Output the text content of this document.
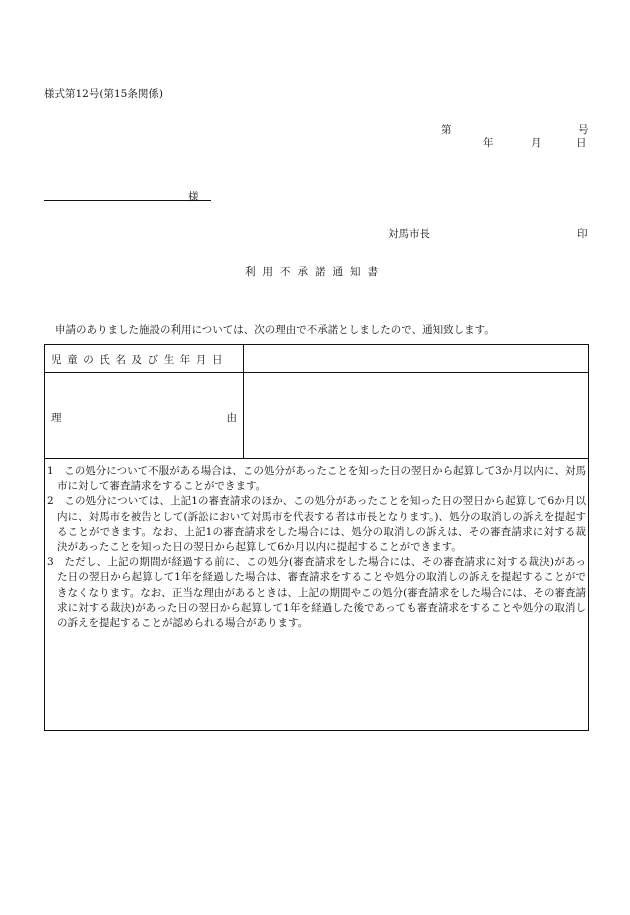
様式第12号(第15条関係)
第	号
年	月	日
様
対馬市長	印
利用不承諾通知書
申請のありました施設の利用については、次の理由で不承諾としましたので、通知致します。
児童の氏名及び生年月日
理	由

1　この処分について不服がある場合は、この処分があったことを知った日の翌日から起算して3か月以内に、対馬市に対して審査請求をすることができます。

2　この処分については、上記1の審査請求のほか、この処分があったことを知った日の翌日から起算して6か月以内に、対馬市を被告として(訴訟において対馬市を代表する者は市長となります。)、処分の取消しの訴えを提起することができます。なお、上記1の審査請求をした場合には、処分の取消しの訴えは、その審査請求に対する裁決があったことを知った日の翌日から起算して6か月以内に提起することができます。

3　ただし、上記の期間が経過する前に、この処分(審査請求をした場合には、その審査請求に対する裁決)があった日の翌日から起算して1年を経過した場合は、審査請求をすることや処分の取消しの訴えを提起することができなくなります。なお、正当な理由があるときは、上記の期間やこの処分(審査請求をした場合には、その審査請求に対する裁決)があった日の翌日から起算して1年を経過した後であっても審査請求をすることや処分の取消しの訴えを提起することが認められる場合があります。
